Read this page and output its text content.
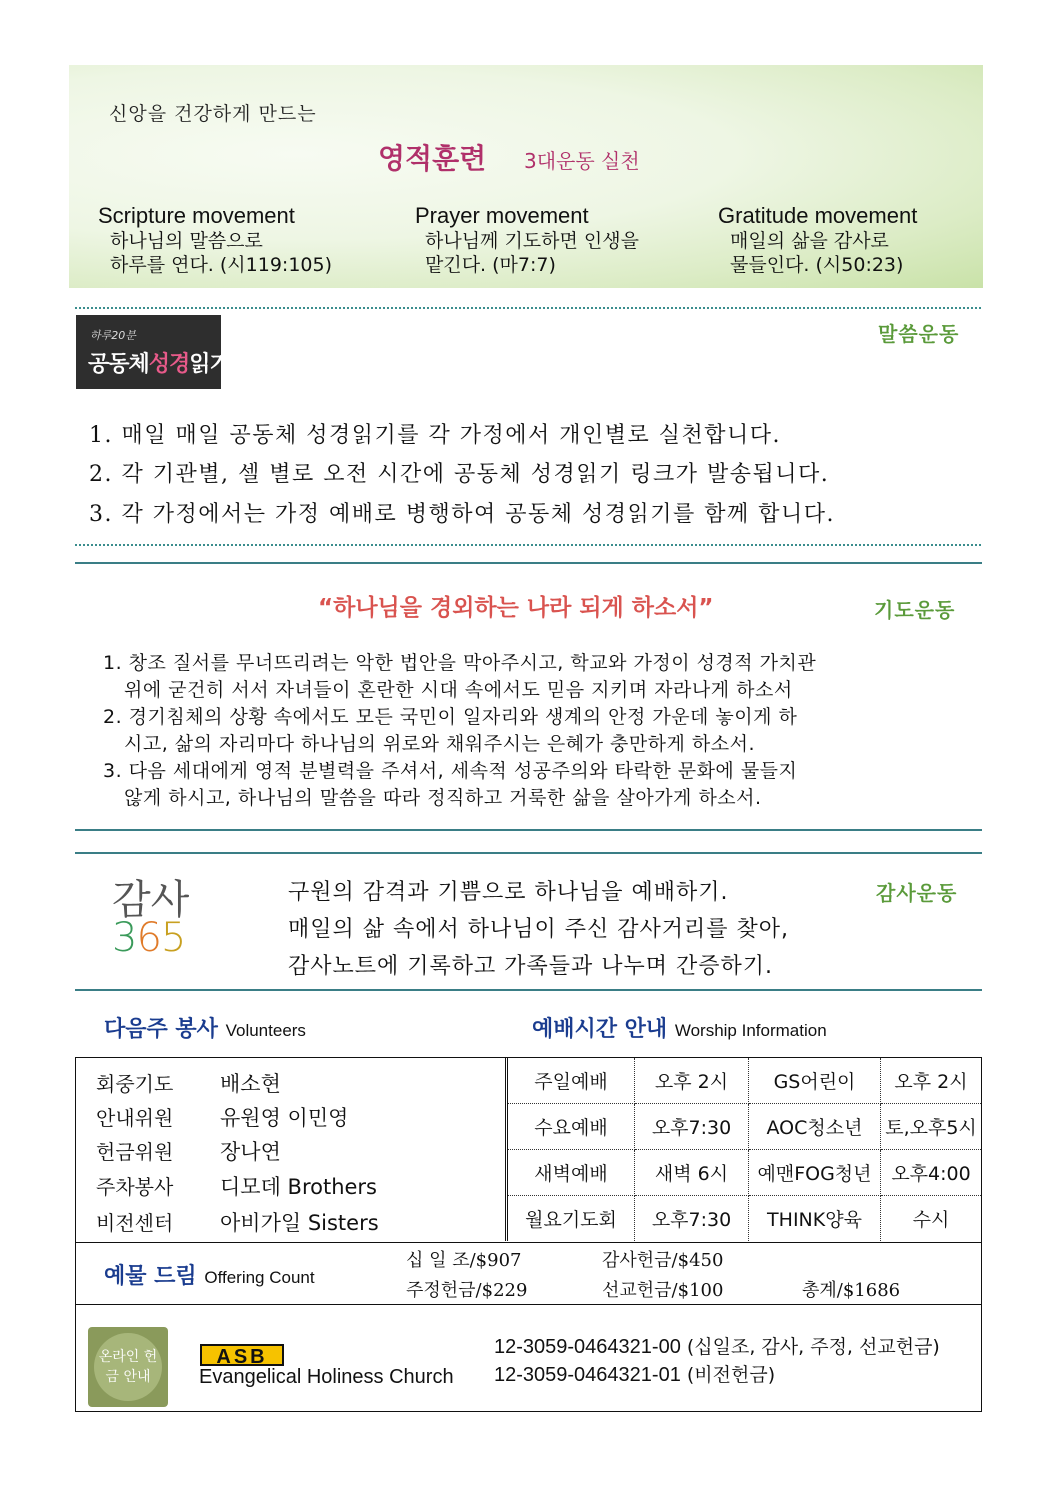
신앙을 건강하게 만드는
영적훈련 3대운동 실천
Scripture movement
하나님의 말씀으로
하루를 연다. (시119:105)
Prayer movement
하나님께 기도하면 인생을
맡긴다. (마7:7)
Gratitude movement
매일의 삶을 감사로
물들인다. (시50:23)
하루20분
공동체성경읽기
말씀운동
1. 매일 매일 공동체 성경읽기를 각 가정에서 개인별로 실천합니다.
2. 각 기관별, 셀 별로 오전 시간에 공동체 성경읽기 링크가 발송됩니다.
3. 각 가정에서는 가정 예배로 병행하여 공동체 성경읽기를 함께 합니다.
“하나님을 경외하는 나라 되게 하소서”	기도운동
1. 창조 질서를 무너뜨리려는 악한 법안을 막아주시고, 학교와 가정이 성경적 가치관
위에 굳건히 서서 자녀들이 혼란한 시대 속에서도 믿음 지키며 자라나게 하소서
2. 경기침체의 상황 속에서도 모든 국민이 일자리와 생계의 안정 가운데 놓이게 하
시고, 삶의 자리마다 하나님의 위로와 채워주시는 은혜가 충만하게 하소서.
3. 다음 세대에게 영적 분별력을 주셔서, 세속적 성공주의와 타락한 문화에 물들지
않게 하시고, 하나님의 말씀을 따라 정직하고 거룩한 삶을 살아가게 하소서.
감사
365
구원의 감격과 기쁨으로 하나님을 예배하기.
매일의 삶 속에서 하나님이 주신 감사거리를 찾아,
감사노트에 기록하고 가족들과 나누며 간증하기.
감사운동
다음주 봉사 Volunteers	예배시간 안내 Worship Information
회중기도 배소현
안내위원 유원영 이민영
헌금위원 장나연
주차봉사 디모데 Brothers
비전센터 아비가일 Sisters
주일예배	오후 2시	GS어린이	오후 2시
수요예배	오후7:30	AOC청소년	토,오후5시
새벽예배	새벽 6시	예맨FOG청년	오후4:00
월요기도회	오후7:30	THINK양육	수시
예물 드림 Offering Count
십 일 조/$907	감사헌금/$450
주정헌금/$229	선교헌금/$100	총계/$1686
온라인 헌금 안내
ASB
Evangelical Holiness Church
12-3059-0464321-00 (십일조, 감사, 주정, 선교헌금)
12-3059-0464321-01 (비전헌금)
